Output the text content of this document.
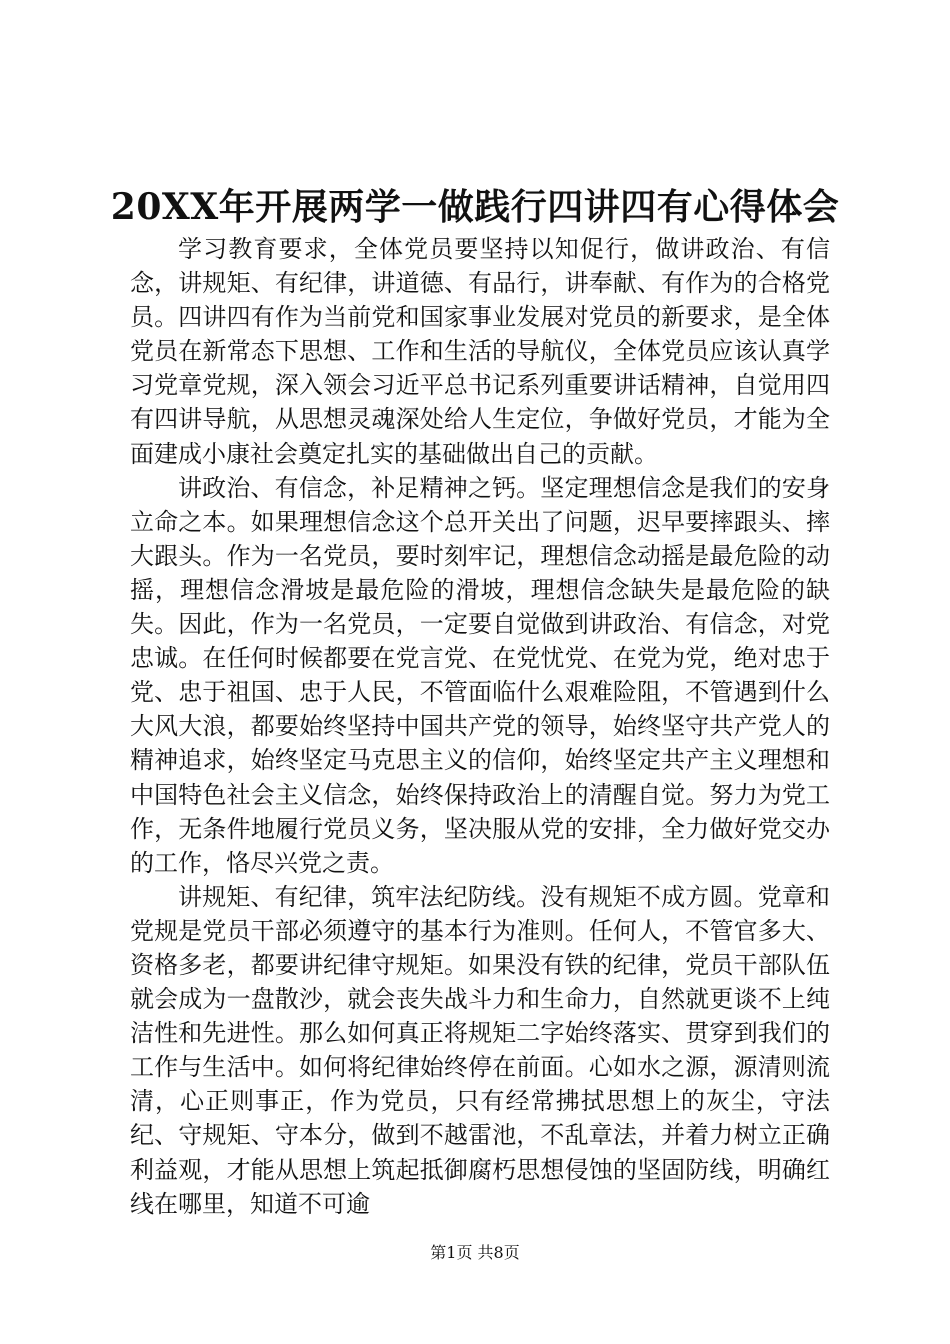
20XX年开展两学一做践行四讲四有心得体会

学习教育要求，全体党员要坚持以知促行，做讲政治、有信念，讲规矩、有纪律，讲道德、有品行，讲奉献、有作为的合格党员。四讲四有作为当前党和国家事业发展对党员的新要求，是全体党员在新常态下思想、工作和生活的导航仪，全体党员应该认真学习党章党规，深入领会习近平总书记系列重要讲话精神，自觉用四有四讲导航，从思想灵魂深处给人生定位，争做好党员，才能为全面建成小康社会奠定扎实的基础做出自己的贡献。

讲政治、有信念，补足精神之钙。坚定理想信念是我们的安身立命之本。如果理想信念这个总开关出了问题，迟早要摔跟头、摔大跟头。作为一名党员，要时刻牢记，理想信念动摇是最危险的动摇，理想信念滑坡是最危险的滑坡，理想信念缺失是最危险的缺失。因此，作为一名党员，一定要自觉做到讲政治、有信念，对党忠诚。在任何时候都要在党言党、在党忧党、在党为党，绝对忠于党、忠于祖国、忠于人民，不管面临什么艰难险阻，不管遇到什么大风大浪，都要始终坚持中国共产党的领导，始终坚守共产党人的精神追求，始终坚定马克思主义的信仰，始终坚定共产主义理想和中国特色社会主义信念，始终保持政治上的清醒自觉。努力为党工作，无条件地履行党员义务，坚决服从党的安排，全力做好党交办的工作，恪尽兴党之责。

讲规矩、有纪律，筑牢法纪防线。没有规矩不成方圆。党章和党规是党员干部必须遵守的基本行为准则。任何人，不管官多大、资格多老，都要讲纪律守规矩。如果没有铁的纪律，党员干部队伍就会成为一盘散沙，就会丧失战斗力和生命力，自然就更谈不上纯洁性和先进性。那么如何真正将规矩二字始终落实、贯穿到我们的工作与生活中。如何将纪律始终停在前面。心如水之源，源清则流清，心正则事正，作为党员，只有经常拂拭思想上的灰尘，守法纪、守规矩、守本分，做到不越雷池，不乱章法，并着力树立正确利益观，才能从思想上筑起抵御腐朽思想侵蚀的坚固防线，明确红线在哪里，知道不可逾

第1页 共8页
